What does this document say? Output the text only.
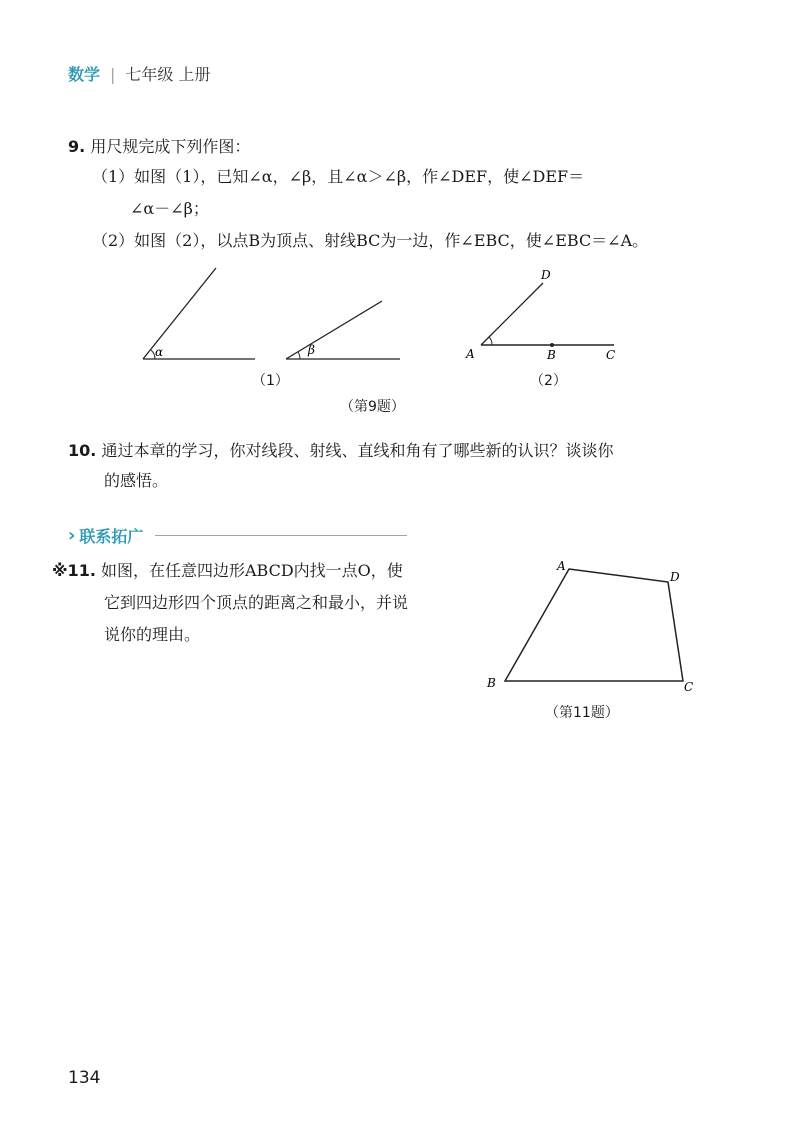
数学 | 七年级 上册
9. 用尺规完成下列作图：
（1）如图（1），已知∠α，∠β，且∠α＞∠β，作∠DEF，使∠DEF＝
∠α－∠β；
（2）如图（2），以点B为顶点、射线BC为一边，作∠EBC，使∠EBC＝∠A。
α	β	A	B	C
D
（1）	（2）
（第9题）
10. 通过本章的学习，你对线段、射线、直线和角有了哪些新的认识？谈谈你
的感悟。
› 联系拓广
※11. 如图，在任意四边形ABCD内找一点O，使
它到四边形四个顶点的距离之和最小，并说
说你的理由。
A
D
C
B
（第11题）
134
